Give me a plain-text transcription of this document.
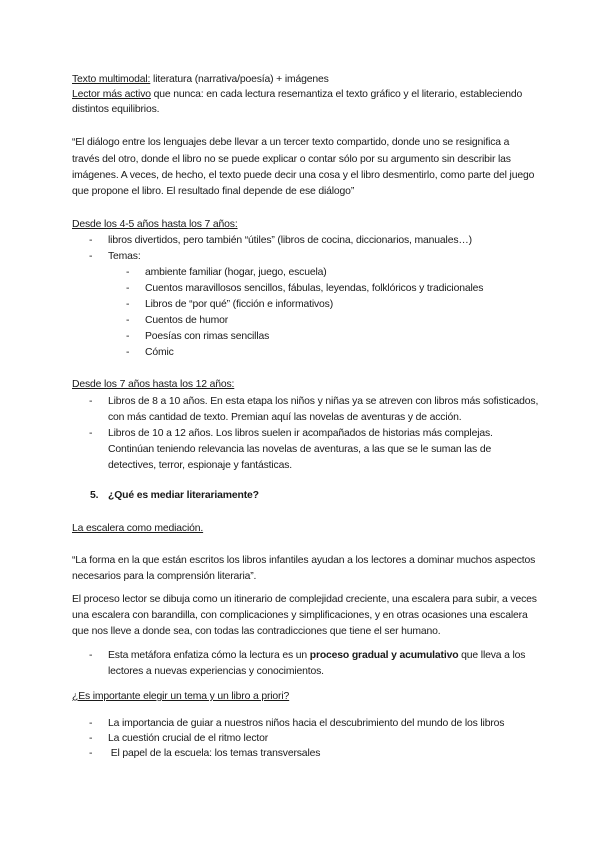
Texto multimodal: literatura (narrativa/poesía) + imágenes
Lector más activo que nunca: en cada lectura resemantiza el texto gráfico y el literario, estableciendo
distintos equilibrios.
“El diálogo entre los lenguajes debe llevar a un tercer texto compartido, donde uno se resignifica a
través del otro, donde el libro no se puede explicar o contar sólo por su argumento sin describir las
imágenes. A veces, de hecho, el texto puede decir una cosa y el libro desmentirlo, como parte del juego
que propone el libro. El resultado final depende de ese diálogo”
Desde los 4-5 años hasta los 7 años:
- libros divertidos, pero también “útiles” (libros de cocina, diccionarios, manuales…)
- Temas:
- ambiente familiar (hogar, juego, escuela)
- Cuentos maravillosos sencillos, fábulas, leyendas, folklóricos y tradicionales
- Libros de “por qué” (ficción e informativos)
- Cuentos de humor
- Poesías con rimas sencillas
- Cómic
Desde los 7 años hasta los 12 años:
- Libros de 8 a 10 años. En esta etapa los niños y niñas ya se atreven con libros más sofisticados,
con más cantidad de texto. Premian aquí las novelas de aventuras y de acción.
- Libros de 10 a 12 años. Los libros suelen ir acompañados de historias más complejas.
Continúan teniendo relevancia las novelas de aventuras, a las que se le suman las de
detectives, terror, espionaje y fantásticas.
5. ¿Qué es mediar literariamente?
La escalera como mediación.
“La forma en la que están escritos los libros infantiles ayudan a los lectores a dominar muchos aspectos
necesarios para la comprensión literaria”.
El proceso lector se dibuja como un itinerario de complejidad creciente, una escalera para subir, a veces
una escalera con barandilla, con complicaciones y simplificaciones, y en otras ocasiones una escalera
que nos lleve a donde sea, con todas las contradicciones que tiene el ser humano.
- Esta metáfora enfatiza cómo la lectura es un proceso gradual y acumulativo que lleva a los
lectores a nuevas experiencias y conocimientos.
¿Es importante elegir un tema y un libro a priori?
- La importancia de guiar a nuestros niños hacia el descubrimiento del mundo de los libros
- La cuestión crucial de el ritmo lector
- El papel de la escuela: los temas transversales
